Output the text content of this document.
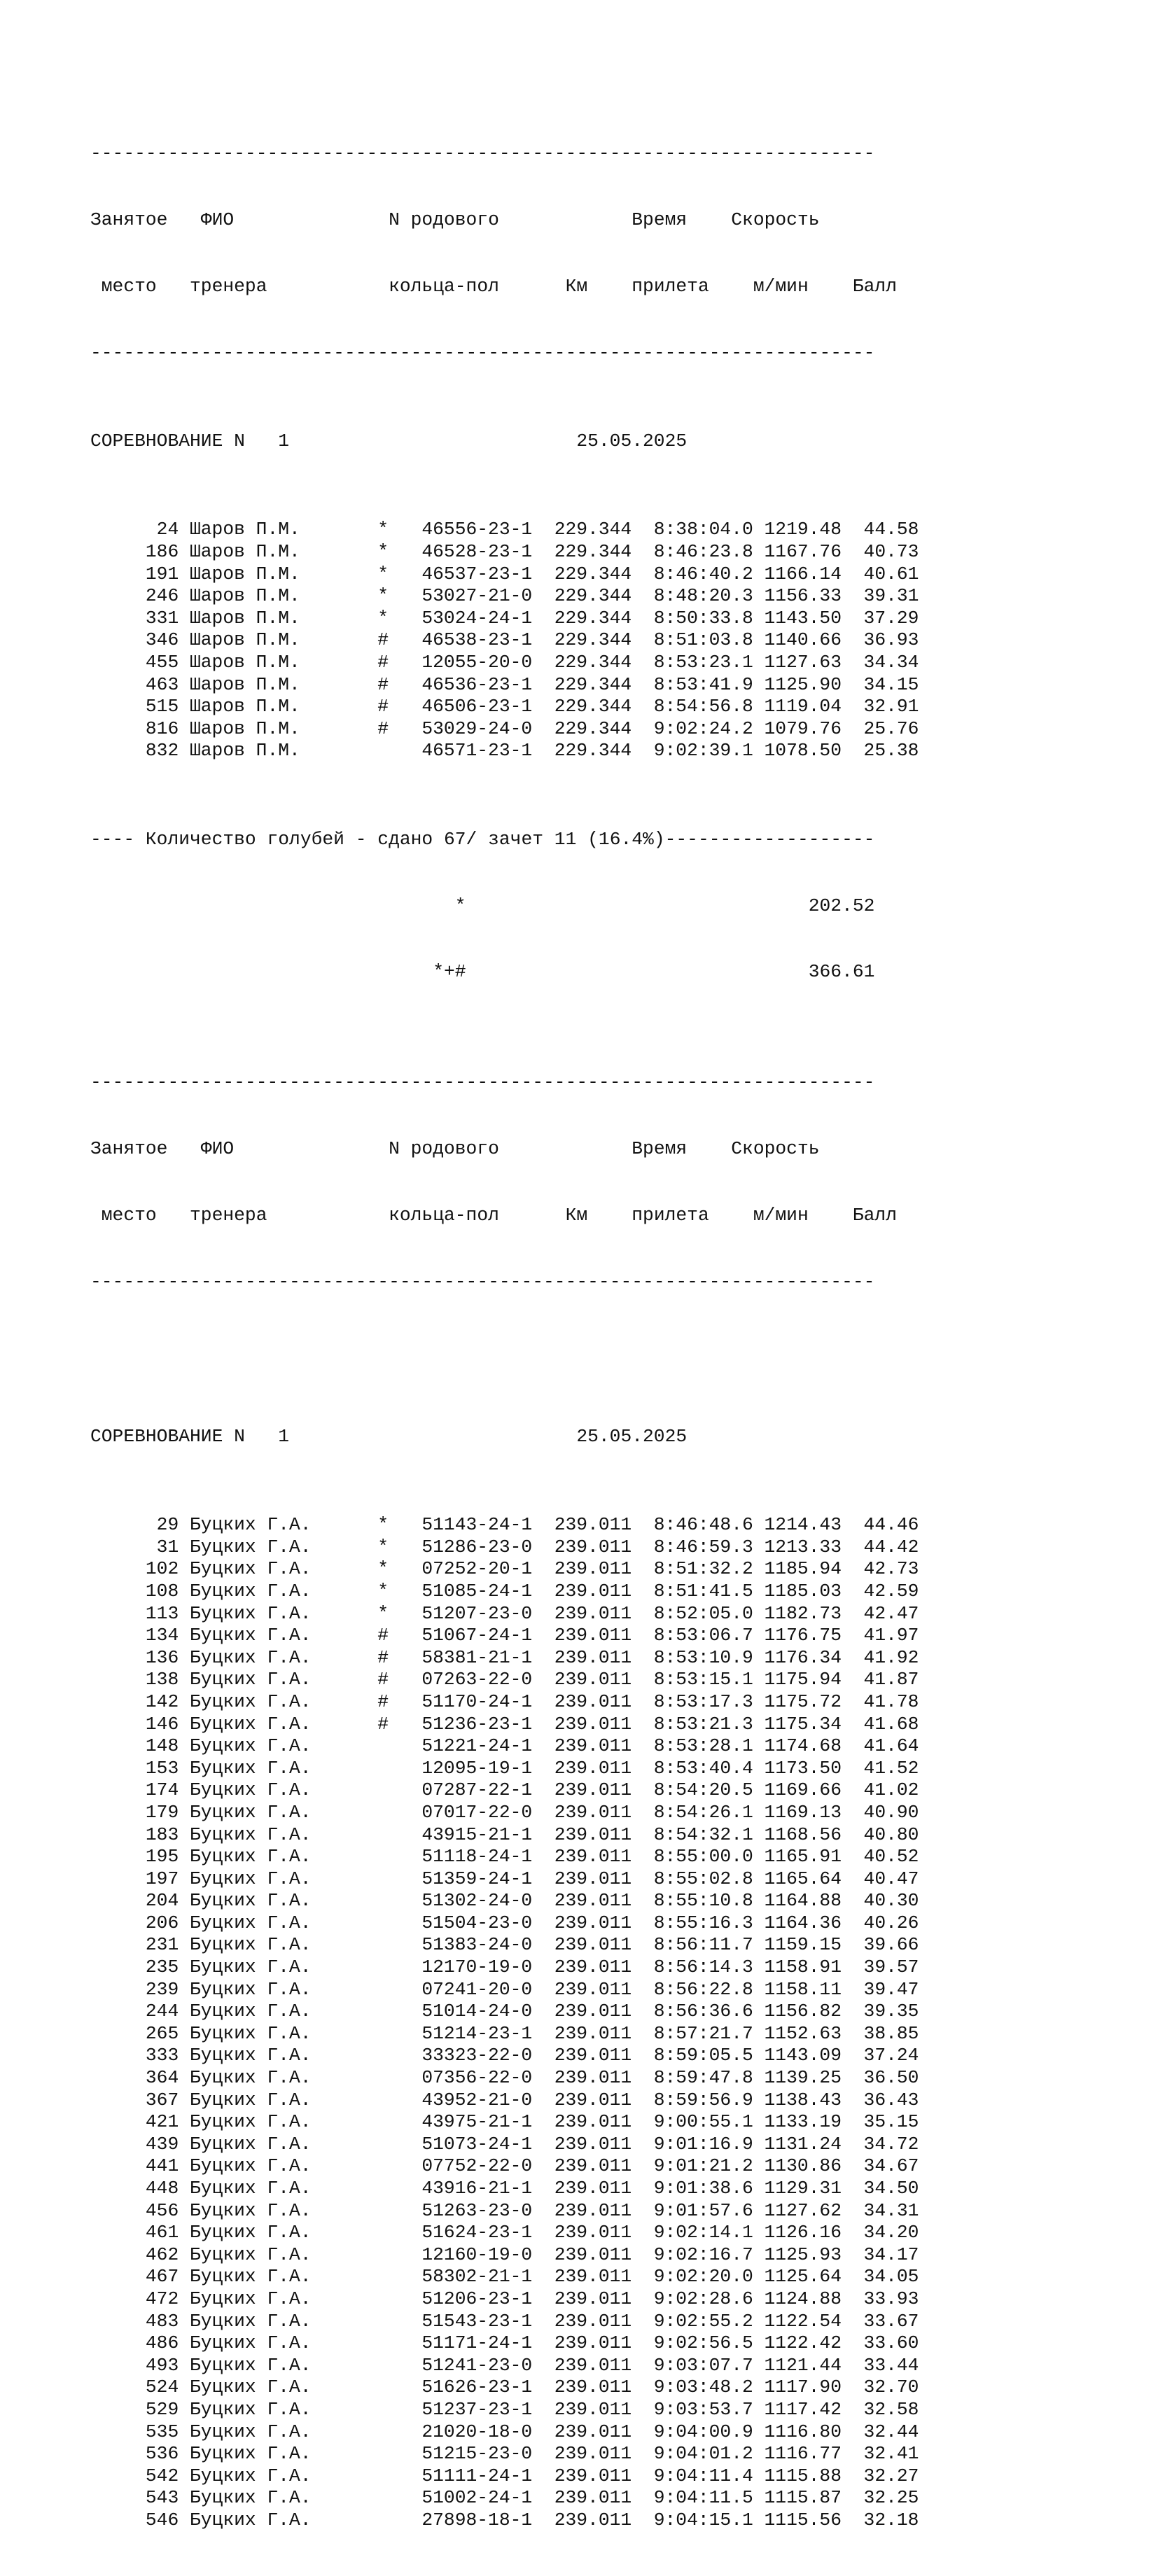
-----------------------------------------------------------------------

Занятое   ФИО              N родового            Время    Скорость

место   тренера           кольца-пол      Км    прилета    м/мин    Балл

-----------------------------------------------------------------------

СОРЕВНОВАНИЕ N   1	25.05.2025

24 Шаров П.М.	* 46556-23-1 229.344 8:38:04.0 1219.48 44.58
186 Шаров П.М.	* 46528-23-1 229.344 8:46:23.8 1167.76 40.73
191 Шаров П.М.	* 46537-23-1 229.344 8:46:40.2 1166.14 40.61
246 Шаров П.М.	* 53027-21-0 229.344 8:48:20.3 1156.33 39.31
331 Шаров П.М.	* 53024-24-1 229.344 8:50:33.8 1143.50 37.29
346 Шаров П.М.	# 46538-23-1 229.344 8:51:03.8 1140.66 36.93
455 Шаров П.М.	# 12055-20-0 229.344 8:53:23.1 1127.63 34.34
463 Шаров П.М.	# 46536-23-1 229.344 8:53:41.9 1125.90 34.15
515 Шаров П.М.	# 46506-23-1 229.344 8:54:56.8 1119.04 32.91
816 Шаров П.М.	# 53029-24-0 229.344 9:02:24.2 1079.76 25.76
832 Шаров П.М.	46571-23-1 229.344 9:02:39.1 1078.50 25.38

---- Количество голубей - сдано 67/ зачет 11 (16.4%)-------------------

*	202.52

*+#	366.61

-----------------------------------------------------------------------

Занятое   ФИО              N родового            Время    Скорость

место   тренера           кольца-пол      Км    прилета    м/мин    Балл

-----------------------------------------------------------------------

СОРЕВНОВАНИЕ N   1	25.05.2025

29 Буцких Г.А.	* 51143-24-1 239.011 8:46:48.6 1214.43 44.46
31 Буцких Г.А.	* 51286-23-0 239.011 8:46:59.3 1213.33 44.42
102 Буцких Г.А.	* 07252-20-1 239.011 8:51:32.2 1185.94 42.73
108 Буцких Г.А.	* 51085-24-1 239.011 8:51:41.5 1185.03 42.59
113 Буцких Г.А.	* 51207-23-0 239.011 8:52:05.0 1182.73 42.47
134 Буцких Г.А.	# 51067-24-1 239.011 8:53:06.7 1176.75 41.97
136 Буцких Г.А.	# 58381-21-1 239.011 8:53:10.9 1176.34 41.92
138 Буцких Г.А.	# 07263-22-0 239.011 8:53:15.1 1175.94 41.87
142 Буцких Г.А.	# 51170-24-1 239.011 8:53:17.3 1175.72 41.78
146 Буцких Г.А.	# 51236-23-1 239.011 8:53:21.3 1175.34 41.68
148 Буцких Г.А.	51221-24-1 239.011 8:53:28.1 1174.68 41.64
153 Буцких Г.А.	12095-19-1 239.011 8:53:40.4 1173.50 41.52
174 Буцких Г.А.	07287-22-1 239.011 8:54:20.5 1169.66 41.02
179 Буцких Г.А.	07017-22-0 239.011 8:54:26.1 1169.13 40.90
183 Буцких Г.А.	43915-21-1 239.011 8:54:32.1 1168.56 40.80
195 Буцких Г.А.	51118-24-1 239.011 8:55:00.0 1165.91 40.52
197 Буцких Г.А.	51359-24-1 239.011 8:55:02.8 1165.64 40.47
204 Буцких Г.А.	51302-24-0 239.011 8:55:10.8 1164.88 40.30
206 Буцких Г.А.	51504-23-0 239.011 8:55:16.3 1164.36 40.26
231 Буцких Г.А.	51383-24-0 239.011 8:56:11.7 1159.15 39.66
235 Буцких Г.А.	12170-19-0 239.011 8:56:14.3 1158.91 39.57
239 Буцких Г.А.	07241-20-0 239.011 8:56:22.8 1158.11 39.47
244 Буцких Г.А.	51014-24-0 239.011 8:56:36.6 1156.82 39.35
265 Буцких Г.А.	51214-23-1 239.011 8:57:21.7 1152.63 38.85
333 Буцких Г.А.	33323-22-0 239.011 8:59:05.5 1143.09 37.24
364 Буцких Г.А.	07356-22-0 239.011 8:59:47.8 1139.25 36.50
367 Буцких Г.А.	43952-21-0 239.011 8:59:56.9 1138.43 36.43
421 Буцких Г.А.	43975-21-1 239.011 9:00:55.1 1133.19 35.15
439 Буцких Г.А.	51073-24-1 239.011 9:01:16.9 1131.24 34.72
441 Буцких Г.А.	07752-22-0 239.011 9:01:21.2 1130.86 34.67
448 Буцких Г.А.	43916-21-1 239.011 9:01:38.6 1129.31 34.50
456 Буцких Г.А.	51263-23-0 239.011 9:01:57.6 1127.62 34.31
461 Буцких Г.А.	51624-23-1 239.011 9:02:14.1 1126.16 34.20
462 Буцких Г.А.	12160-19-0 239.011 9:02:16.7 1125.93 34.17
467 Буцких Г.А.	58302-21-1 239.011 9:02:20.0 1125.64 34.05
472 Буцких Г.А.	51206-23-1 239.011 9:02:28.6 1124.88 33.93
483 Буцких Г.А.	51543-23-1 239.011 9:02:55.2 1122.54 33.67
486 Буцких Г.А.	51171-24-1 239.011 9:02:56.5 1122.42 33.60
493 Буцких Г.А.	51241-23-0 239.011 9:03:07.7 1121.44 33.44
524 Буцких Г.А.	51626-23-1 239.011 9:03:48.2 1117.90 32.70
529 Буцких Г.А.	51237-23-1 239.011 9:03:53.7 1117.42 32.58
535 Буцких Г.А.	21020-18-0 239.011 9:04:00.9 1116.80 32.44
536 Буцких Г.А.	51215-23-0 239.011 9:04:01.2 1116.77 32.41
542 Буцких Г.А.	51111-24-1 239.011 9:04:11.4 1115.88 32.27
543 Буцких Г.А.	51002-24-1 239.011 9:04:11.5 1115.87 32.25
546 Буцких Г.А.	27898-18-1 239.011 9:04:15.1 1115.56 32.18
